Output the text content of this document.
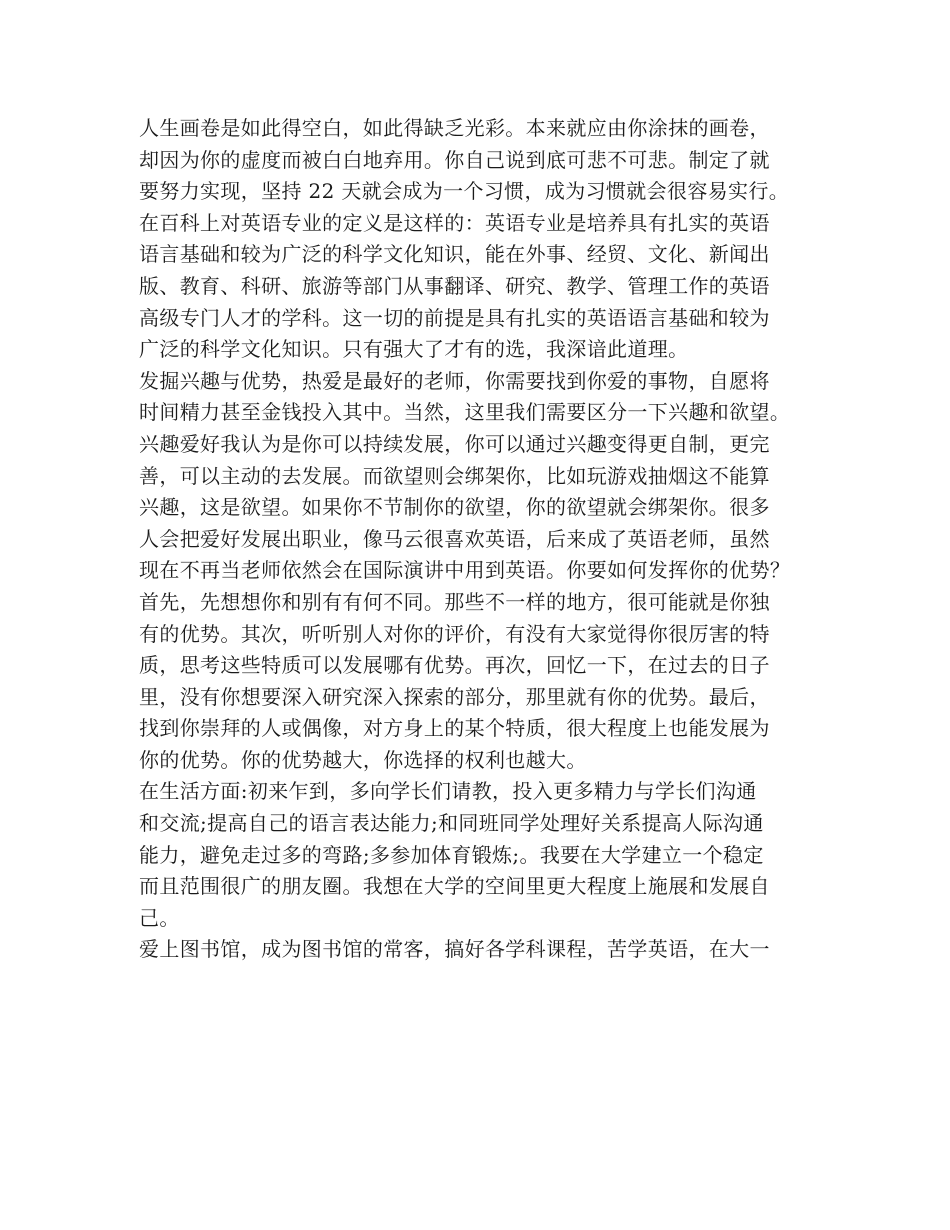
人生画卷是如此得空白，如此得缺乏光彩。本来就应由你涂抹的画卷，
却因为你的虚度而被白白地弃用。你自己说到底可悲不可悲。制定了就
要努力实现，坚持 22 天就会成为一个习惯，成为习惯就会很容易实行。
在百科上对英语专业的定义是这样的：英语专业是培养具有扎实的英语
语言基础和较为广泛的科学文化知识，能在外事、经贸、文化、新闻出
版、教育、科研、旅游等部门从事翻译、研究、教学、管理工作的英语
高级专门人才的学科。这一切的前提是具有扎实的英语语言基础和较为
广泛的科学文化知识。只有强大了才有的选，我深谙此道理。
发掘兴趣与优势，热爱是最好的老师，你需要找到你爱的事物，自愿将
时间精力甚至金钱投入其中。当然，这里我们需要区分一下兴趣和欲望。
兴趣爱好我认为是你可以持续发展，你可以通过兴趣变得更自制，更完
善，可以主动的去发展。而欲望则会绑架你，比如玩游戏抽烟这不能算
兴趣，这是欲望。如果你不节制你的欲望，你的欲望就会绑架你。很多
人会把爱好发展出职业，像马云很喜欢英语，后来成了英语老师，虽然
现在不再当老师依然会在国际演讲中用到英语。你要如何发挥你的优势？
首先，先想想你和别有有何不同。那些不一样的地方，很可能就是你独
有的优势。其次，听听别人对你的评价，有没有大家觉得你很厉害的特
质，思考这些特质可以发展哪有优势。再次，回忆一下，在过去的日子
里，没有你想要深入研究深入探索的部分，那里就有你的优势。最后，
找到你崇拜的人或偶像，对方身上的某个特质，很大程度上也能发展为
你的优势。你的优势越大，你选择的权利也越大。
在生活方面:初来乍到，多向学长们请教，投入更多精力与学长们沟通
和交流;提高自己的语言表达能力;和同班同学处理好关系提高人际沟通
能力，避免走过多的弯路;多参加体育锻炼;。我要在大学建立一个稳定
而且范围很广的朋友圈。我想在大学的空间里更大程度上施展和发展自
己。
爱上图书馆，成为图书馆的常客，搞好各学科课程，苦学英语，在大一
